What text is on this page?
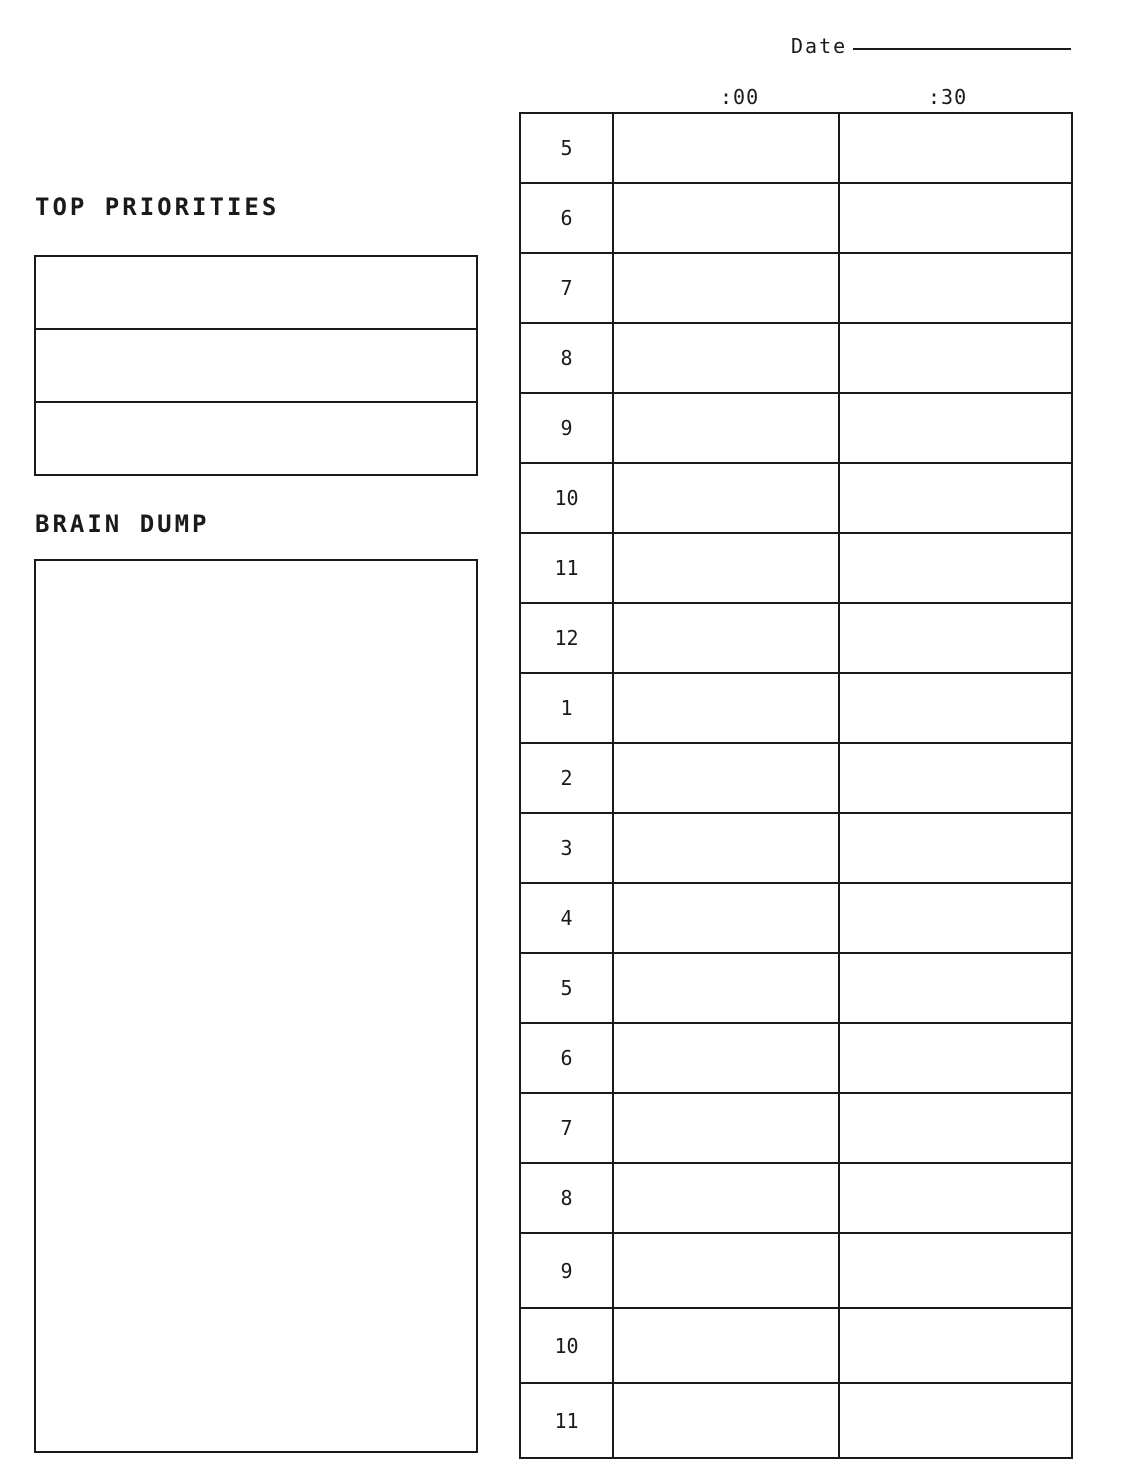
Date
TOP PRIORITIES
BRAIN DUMP
:00	:30
5
6
7
8
9
10
11
12
1
2
3
4
5
6
7
8
9
10
11
